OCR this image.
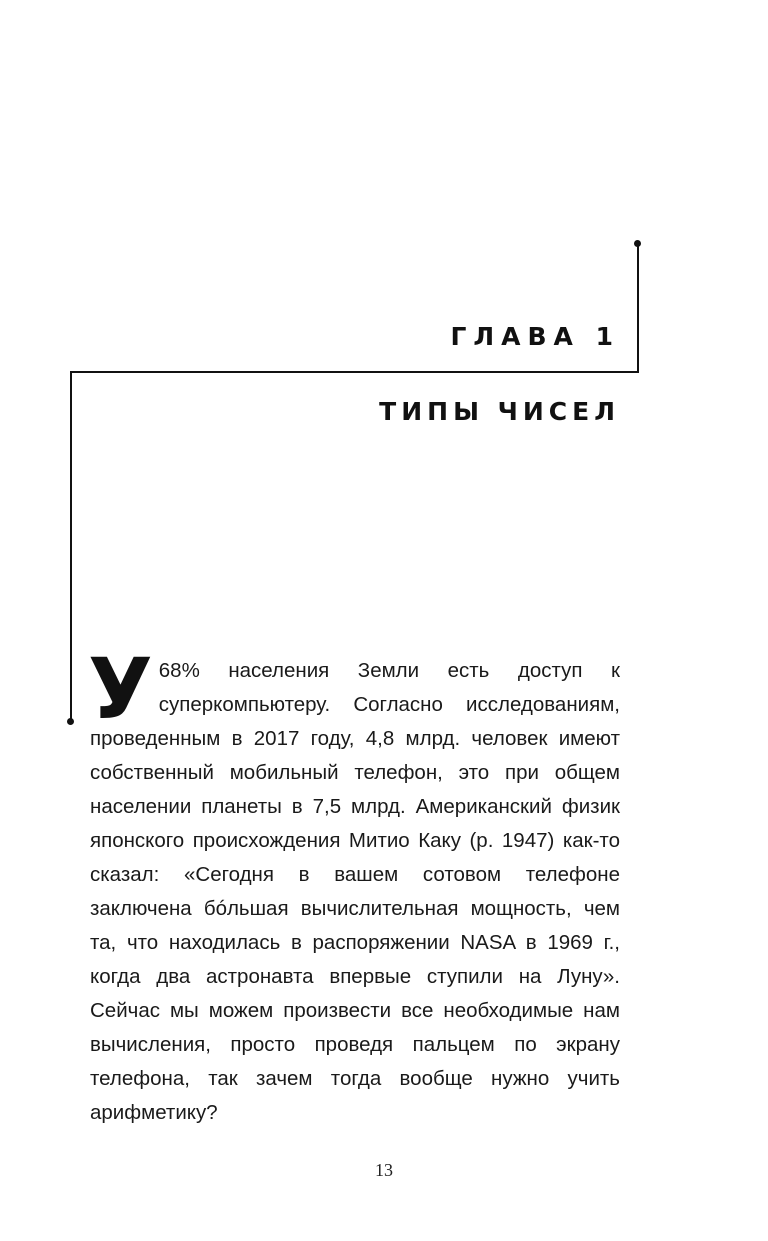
ГЛАВА 1
ТИПЫ ЧИСЕЛ
У 68% населения Земли есть доступ к суперкомпьютеру. Согласно исследованиям, проведенным в 2017 году, 4,8 млрд. человек имеют собственный мобильный телефон, это при общем населении планеты в 7,5 млрд. Американский физик японского происхождения Митио Каку (р. 1947) как-то сказал: «Сегодня в вашем сотовом телефоне заключена бóльшая вычислительная мощность, чем та, что находилась в распоряжении NASA в 1969 г., когда два астронавта впервые ступили на Луну». Сейчас мы можем произвести все необходимые нам вычисления, просто проведя пальцем по экрану телефона, так зачем тогда вообще нужно учить арифметику?
13
